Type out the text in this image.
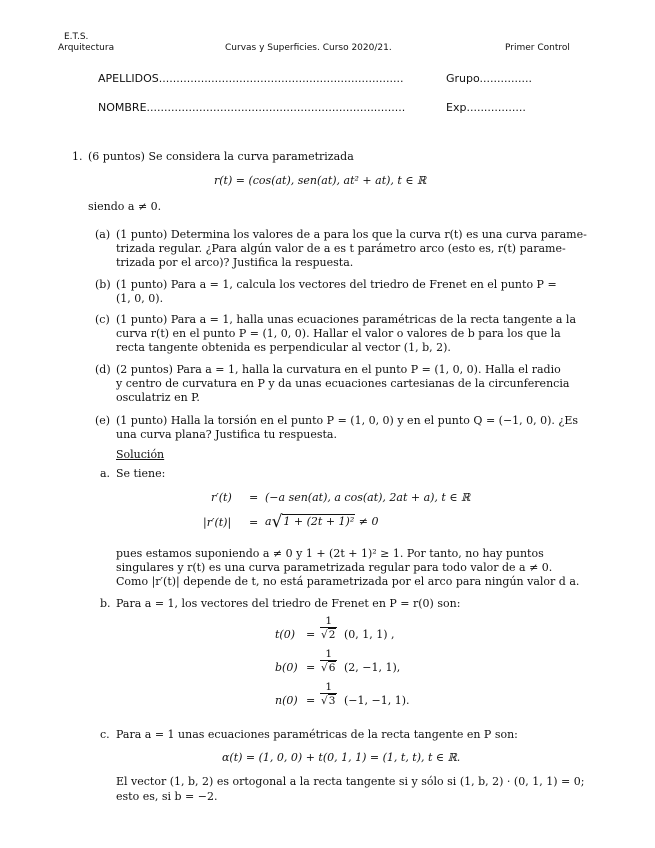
E.T.S.
Arquitectura	Curvas y Superficies. Curso 2020/21.	Primer Control
APELLIDOS......................................................................	Grupo...............
NOMBRE..........................................................................	Exp.................
1. (6 puntos) Se considera la curva parametrizada
r(t) = (cos(at), sen(at), at² + at), t ∈ ℝ
siendo a ≠ 0.
(a) (1 punto) Determina los valores de a para los que la curva r(t) es una curva parame-
trizada regular. ¿Para algún valor de a es t parámetro arco (esto es, r(t) parame-
trizada por el arco)? Justifica la respuesta.
(b) (1 punto) Para a = 1, calcula los vectores del triedro de Frenet en el punto P =
(1, 0, 0).
(c) (1 punto) Para a = 1, halla unas ecuaciones paramétricas de la recta tangente a la
curva r(t) en el punto P = (1, 0, 0). Hallar el valor o valores de b para los que la
recta tangente obtenida es perpendicular al vector (1, b, 2).
(d) (2 puntos) Para a = 1, halla la curvatura en el punto P = (1, 0, 0). Halla el radio
y centro de curvatura en P y da unas ecuaciones cartesianas de la circunferencia
osculatriz en P.
(e) (1 punto) Halla la torsión en el punto P = (1, 0, 0) y en el punto Q = (−1, 0, 0). ¿Es
una curva plana? Justifica tu respuesta.
Solución
a. Se tiene:
r′(t) = (−a sen(at), a cos(at), 2at + a), t ∈ ℝ
|r′(t)| = a√1 + (2t + 1)² ≠ 0
pues estamos suponiendo a ≠ 0 y 1 + (2t + 1)² ≥ 1. Por tanto, no hay puntos
singulares y r(t) es una curva parametrizada regular para todo valor de a ≠ 0.
Como |r′(t)| depende de t, no está parametrizada por el arco para ningún valor d a.
b. Para a = 1, los vectores del triedro de Frenet en P = r(0) son:
$t(0) = \frac{1}{√2} (0$, 1, 1) ,
$b(0) = \frac{1}{√6} (2$, −1, 1),
$n(0) = \frac{1}{√3} (-1$, −1, 1).
c. Para a = 1 unas ecuaciones paramétricas de la recta tangente en P son:
α(t) = (1, 0, 0) + t(0, 1, 1) = (1, t, t), t ∈ ℝ.
El vector (1, b, 2) es ortogonal a la recta tangente si y sólo si (1, b, 2) · (0, 1, 1) = 0;
esto es, si b = −2.
